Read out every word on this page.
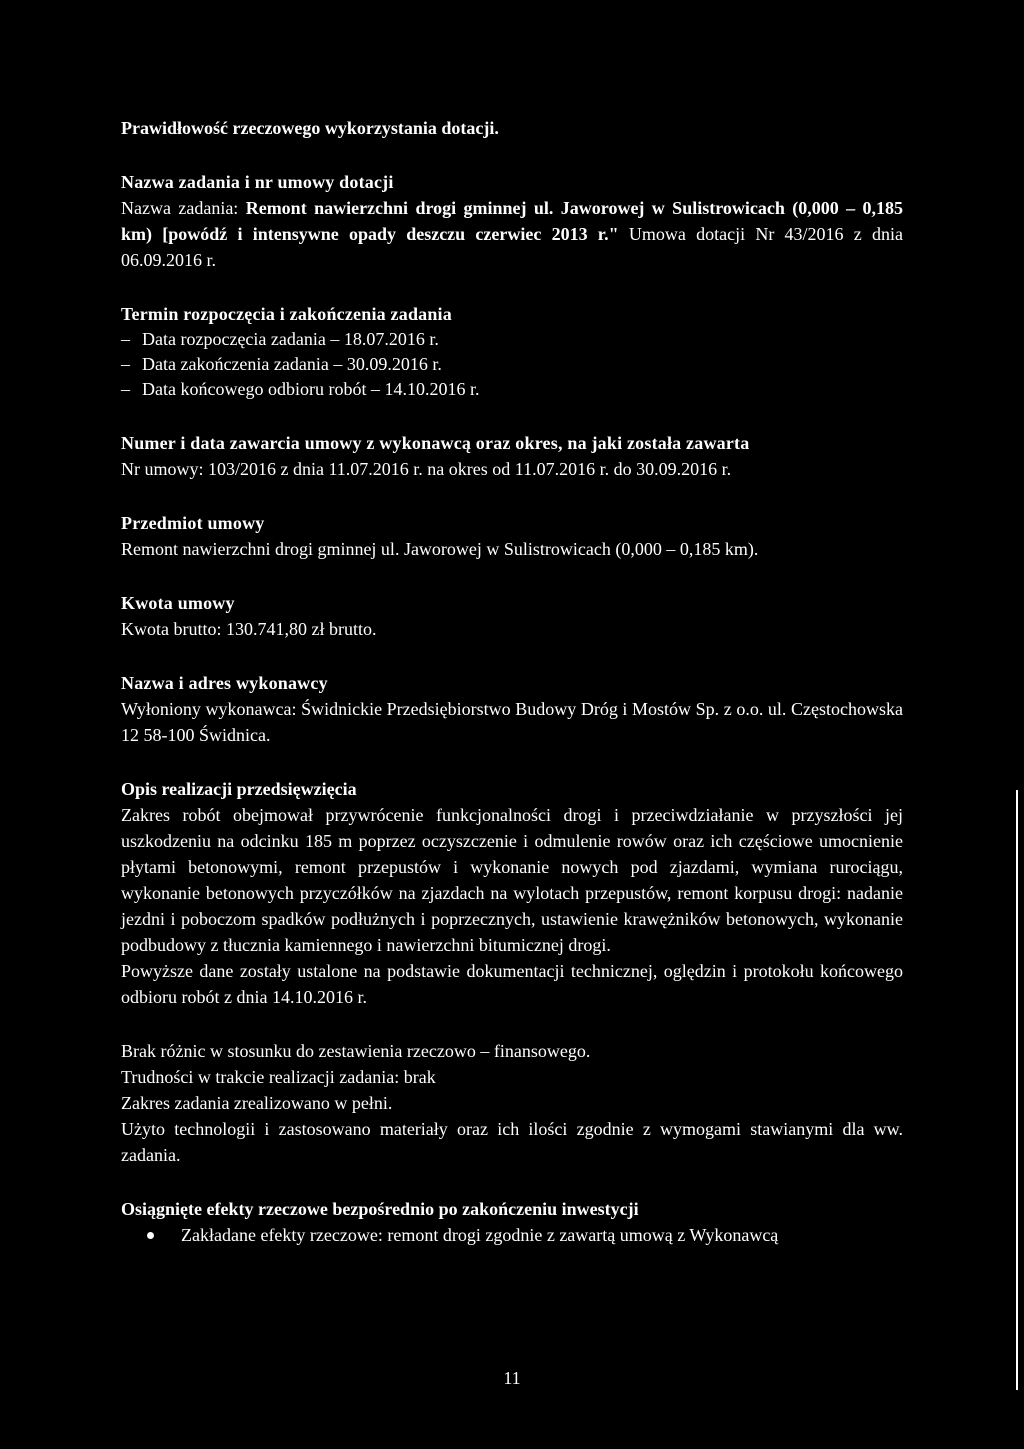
Prawidłowość rzeczowego wykorzystania dotacji.

Nazwa zadania i nr umowy dotacji

Nazwa zadania: Remont nawierzchni drogi gminnej ul. Jaworowej w Sulistrowicach (0,000 – 0,185 km) [powódź i intensywne opady deszczu czerwiec 2013 r." Umowa dotacji Nr 43/2016 z dnia 06.09.2016 r.

Termin rozpoczęcia i zakończenia zadania

– Data rozpoczęcia zadania – 18.07.2016 r.
– Data zakończenia zadania – 30.09.2016 r.
– Data końcowego odbioru robót – 14.10.2016 r.

Numer i data zawarcia umowy z wykonawcą oraz okres, na jaki została zawarta

Nr umowy: 103/2016 z dnia 11.07.2016 r. na okres od 11.07.2016 r. do 30.09.2016 r.

Przedmiot umowy

Remont nawierzchni drogi gminnej ul. Jaworowej w Sulistrowicach (0,000 – 0,185 km).

Kwota umowy

Kwota brutto: 130.741,80 zł brutto.

Nazwa i adres wykonawcy

Wyłoniony wykonawca: Świdnickie Przedsiębiorstwo Budowy Dróg i Mostów Sp. z o.o. ul. Częstochowska 12 58-100 Świdnica.

Opis realizacji przedsięwzięcia

Zakres robót obejmował przywrócenie funkcjonalności drogi i przeciwdziałanie w przyszłości jej uszkodzeniu na odcinku 185 m poprzez oczyszczenie i odmulenie rowów oraz ich częściowe umocnienie płytami betonowymi, remont przepustów i wykonanie nowych pod zjazdami, wymiana rurociągu, wykonanie betonowych przyczółków na zjazdach na wylotach przepustów, remont korpusu drogi: nadanie jezdni i poboczom spadków podłużnych i poprzecznych, ustawienie krawężników betonowych, wykonanie podbudowy z tłucznia kamiennego i nawierzchni bitumicznej drogi.

Powyższe dane zostały ustalone na podstawie dokumentacji technicznej, oględzin i protokołu końcowego odbioru robót z dnia 14.10.2016 r.

Brak różnic w stosunku do zestawienia rzeczowo – finansowego.

Trudności w trakcie realizacji zadania: brak

Zakres zadania zrealizowano w pełni.

Użyto technologii i zastosowano materiały oraz ich ilości zgodnie z wymogami stawianymi dla ww. zadania.

Osiągnięte efekty rzeczowe bezpośrednio po zakończeniu inwestycji

Zakładane efekty rzeczowe: remont drogi zgodnie z zawartą umową z Wykonawcą
11
